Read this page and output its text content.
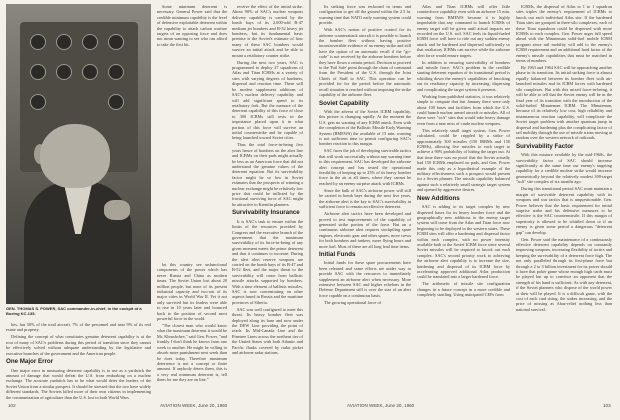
GEN. THOMAS S. POWER, SAC commander-in-chief, in the cockpit of a Boeing KC-135.

lies, has 50% of the total aircraft, 7% of the personnel and near 9% of its real estate and property.

Defining the concept of what constitutes genuine deterrent capability is at the root of many of SAC's problems during this period of transition since they cannot be effectively solved without adequate understanding by the legislative and executive branches of the government and the American people.

One Major Error

One major error in measuring deterrent capability is to use as a yardstick the amount of damage that would defeat the U.S. from embarking on a nuclear exchange. The accurate yardstick has to be what would deter the leaders of the Soviet Union from a similar prospect. It should be stressed that the two have widely different standards. The Soviets killed more of their own citizens in implementing the communization of agriculture than the U.S. lost in both World Wars.

let this country see unfunctional components of the power which has never Russia and China as modern times. The Soviet Union lost about 20 million people, but none of its present industrial capacity and two-out of its major cities in World War II. Yet it not only survived but its leaders were able to rise in 10 years later and bounced back to the position of second most powerful force in the world.

"The closest man who would know what the maximum deterrent it would be Mr. Khrushchev," said Gen. Power, "and frankly I don't think he knows from one week to another. He might be willing to absorb more punishment next week than he does today. Therefore maximum deterrence is not a concept or finite amount. If anybody deters them, this is a very real minimum deterrent is, tell them for me they are on line."

receive the effect of the initial strike. About 90% of SAC's nuclear weapons delivery capability is carried by the bomb bays of its 2,000-odd B-47 medium jet bombers and B-52 heavy jet bombers, but its fundamental basic premise is the Soviet's estimate of how many of these SAC bombers would survive an initial attack and be able to mount a retaliatory counter strike.

During the next two years, SAC is programmed to deploy 27 squadrons of Atlas and Titan ICBMs at a variety of sites with varying degrees of hardness, dispersal and reaction time. These will be modest supplement additions of SAC's nuclear delivery capability and will add significant speed to its retaliatory fork. But the measure of the deterrent capability of this force of close to 300 ICBMs still rests in the importance placed upon it in what portion of this force will survive an initial counterstrike and be capable of being launched toward Soviet cities.

Thus the total force-in-being five years hence of bombers on the alert line and ICBMs on their pads might actually be less as an American force that did not understand the genuine values of the deterrent equation. But its survivability factor might be so low in Soviet estimates that the prospects of winning a nuclear exchange might be relatively low price that could be inflicted by the fractional surviving force of SAC might be attractive to Kremlin planners.

Survivability Insurance

It is SAC's task to ensure within the limits of the resources provided by Congress and the executive branch of the government that the maximum survivability of its force-in-being of any given moment meets the prime deterrent and that it continues to increase. During the alert alert reserve weapons are carried on the bomb bays of its B-47 and B-52 fleet, and the major threat to the survivability will come from ballistic missile attacks supported by bombers. With a time element of ballistic missiles, SAC is now concentrating on other aspects based in Russia and the maritime provinces of Siberia.

SAC was well configured to meet this threat. Its heavy bomber fleet was deployed along its base and now under the DEW Line providing the point of reach. Its Mid-Canada Line and the Pinetree Lines across the northern tier of the United States with both Atlantic and Pacific flanks covered by radar picket and airborne radar stations.

Some minimum deterrent is necessary. General Power said that the credible minimum capability is the level of defensive exploitable deterrent within the capability to attack carbon warfare targets of an opposing force and does not mean wanting to see who can afford to take the first hit.

102	AVIATION WEEK, June 20, 1960

Its striking force was reckoned in terms and configuration to get off the ground within the 2.5 hr. warning time that NATO early warning system could provide.

With SAC's notion of positive control for its airborne counterattack aircraft it is possible to launch the bomber fleet without having positive incontrovertible evidence of an enemy strike and still have the option of an automatic recall if the "go-code" is not received by the airborne bombers before they have flown a certain period. Decision to proceed to the 'Fail Safe' point through the chain of command from the President of the U.S. through the Joint Chiefs of Staff to SAC. This operation can be provided for for the period before the automatic recall situation is reached without imposing the strike capability of the airborne fleet.

Soviet Capability

With the advent of the Soviet ICBM capability, this picture is changing rapidly. At the moment the U.S. gets no warning of any ICBM attack. Even with the completion of the Ballistic Missile Early Warning System (BMEWS) the available of 15 min. warning is not sufficient time to permit configuring SAC's bomber reaction to this margin.

SAC faces the job of developing survivable tactics that will work successfully without any warning time to this requirement. SAC has developed the airborne alert concept and has tested the operational feasibility of keeping up to 25% of its heavy bomber force in the air at all times, where they cannot be reached by an enemy surprise attack with ICBMs.

Since the bulk of SAC's airborne power will still be carried in bomb bays during the next five years, the airborne alert is the key to SAC's survivability in sufficient force to remain an effective deterrent.

Airborne alert tactics have been developed and proved to test improvements of the capability of generated strike portion of the force. But on a continuous airborne alert requires stockpiling spare engines, electronic gear and other spares, more crews for both bombers and tankers, more flying hours and more fuel. Most of these are all long lead time items.

Initial Funds

Initial funds for these spare procurements have been released and some efforts are under way to provide SAC with the resources to immediately supplement an airborne alert when necessary. More extensive between SAC and higher echelons in the Defense Department still is over the size of an alert force capable on a continuous basis.

The growing operational force of

Atlas and Titan ICBMs will offer little counterforce capability even with an airborne 15 min. warning from BMEWS because it is highly improbable that any command to launch ICBMs of enemy target will be given until actual impacts are recorded on the U.S. soil. SAC feels its liquid-fueled ICBM force will have to ride out any sudden enemy attack and be hardened and dispersed sufficiently so that retaliatory ICBMs can survive while the airborne alert force would ensure targets.

In addition to ensuring survivability of bombers and missile force, SAC's problem in the credible starting deterrent equation of its transitional period is whittling down the enemy's capabilities of knocking out its retaliatory capacity by increasing, dispersing and complicating the target system it presents.

Working from published statistics, it was relatively simple to compute that last January there were only about 100 bases and facilities from which the U.S. could launch nuclear armed aircraft or missiles. All of these were "soft" sites that would take heavy damage even from a near miss of crude nuclear weapons.

This relatively small target system, Gen. Power calculated, could be crippled by a strike of approximately 300 missiles (150 IRBMs and 150 ICBMs), allowing five missiles to each target to achieve a 90% probability of hitting the target out. At that time there was no proof that the Soviet actually had 150 ICBMs emplaced on pads, and Gen. Power made this only as a hypothetical example of the military effectiveness such a prospect would present for a Soviet planner. The missile capability balanced against such a relatively small strategic target system and opened by aggressive desires.

New Additions

SAC is adding to its target complex by new dispersed bases for its heavy bomber force and the geographically new additions to the enemy target system will come from the Atlas and Titan force now beginning to be deployed in the western states. These ICBM sites will offer a hardening and dispersal factor within each complex, with no power intensity available both to the Soviet ICBM force since several Soviet missiles will be required to knock out each complex. SAC's second priority work to achieving the airborne alert capability is to increase the size, hardening and dispersal of its ICBM force by accelerating approved additional Atlas production could be translated into a larger hardened force.

The arithmetic of missile site configuration changes in a future concept in a more credible and completely startling. Using anticipated CEPs from

ICBMs, the dispersal of Atlas to 1 to 1 squadron sites triples the enemy's requirement of ICBMs to knock out each individual Atlas site. If the hardened Titan sites are grouped in three-silo complexes, each of these Titan squadrons could be dispersed with more ICBMs to each complex. Gen. Power urges full speed ahead with the Minuteman solid-fuel mobile ICBM program since rail mobility will add to the enemy's ICBM requirement and an additional hard factor of the enemy's missile capabilities that must be matched in terms of numbers.

By 1963 and 1964 SAC will be approaching another phase in its transition. Its initial striking force is almost equally balanced between its bomber fleet with air-launched missiles and its ICBM forces with hardened silo complexes. But with this mixed force-in-being, it will be able to tell that the Soviet enemy will be in the final year of its transition with the introduction of the solid-fueled Minuteman ICBM. The Minuteman, because of its relatively low cost, high reliability and instantaneous reaction capability, will complicate the Soviet target problem with another quantum jump in dispersal and hardening plus the complicating factor of rail mobility through the use of missile trains moving at random over the western network of railroads.

Survivability Factor

With this mixture available by the mid-1960s, the survivability factor of SAC should increase significantly at the same time our enemy's targeting capability for a credible nuclear strike would increase geometrically beyond the relatively modest 300-target "soft" site complex of six months ago.

During this transitional period SAC must maintain a margin of survivable deterrent capability with its weapons and war tactics that is unquestionable. Gen. Power believes that the basic requirement for initial surprise strike and his defensive measures to be effective is the SAC countermissile. If this margin of superiority is allowed to be whittled down or if an enemy is given some period a dangerous "deterrent gap" can develop.

Gen. Power said the maintenance of a continuously effective deterrent capability depends on constantly improving weapons, increasing flexibility of tactics and keeping the survivability of a deterrent force high. The not only paralleled through its first-phase force but through a 2 to 3 billion investment for its power should it have that poker game whose enough high cards must be played but up to convince an opponent that the strength of his hand is sufficient. As with any deterrent, if the Soviet planners who dispose of the world power at their will be played. It is a difficult game, with the cost of each card rising, the stakes increasing, and the price of missing as Ahaz-relief nothing less than national survival.

AVIATION WEEK, June 20, 1960	103
